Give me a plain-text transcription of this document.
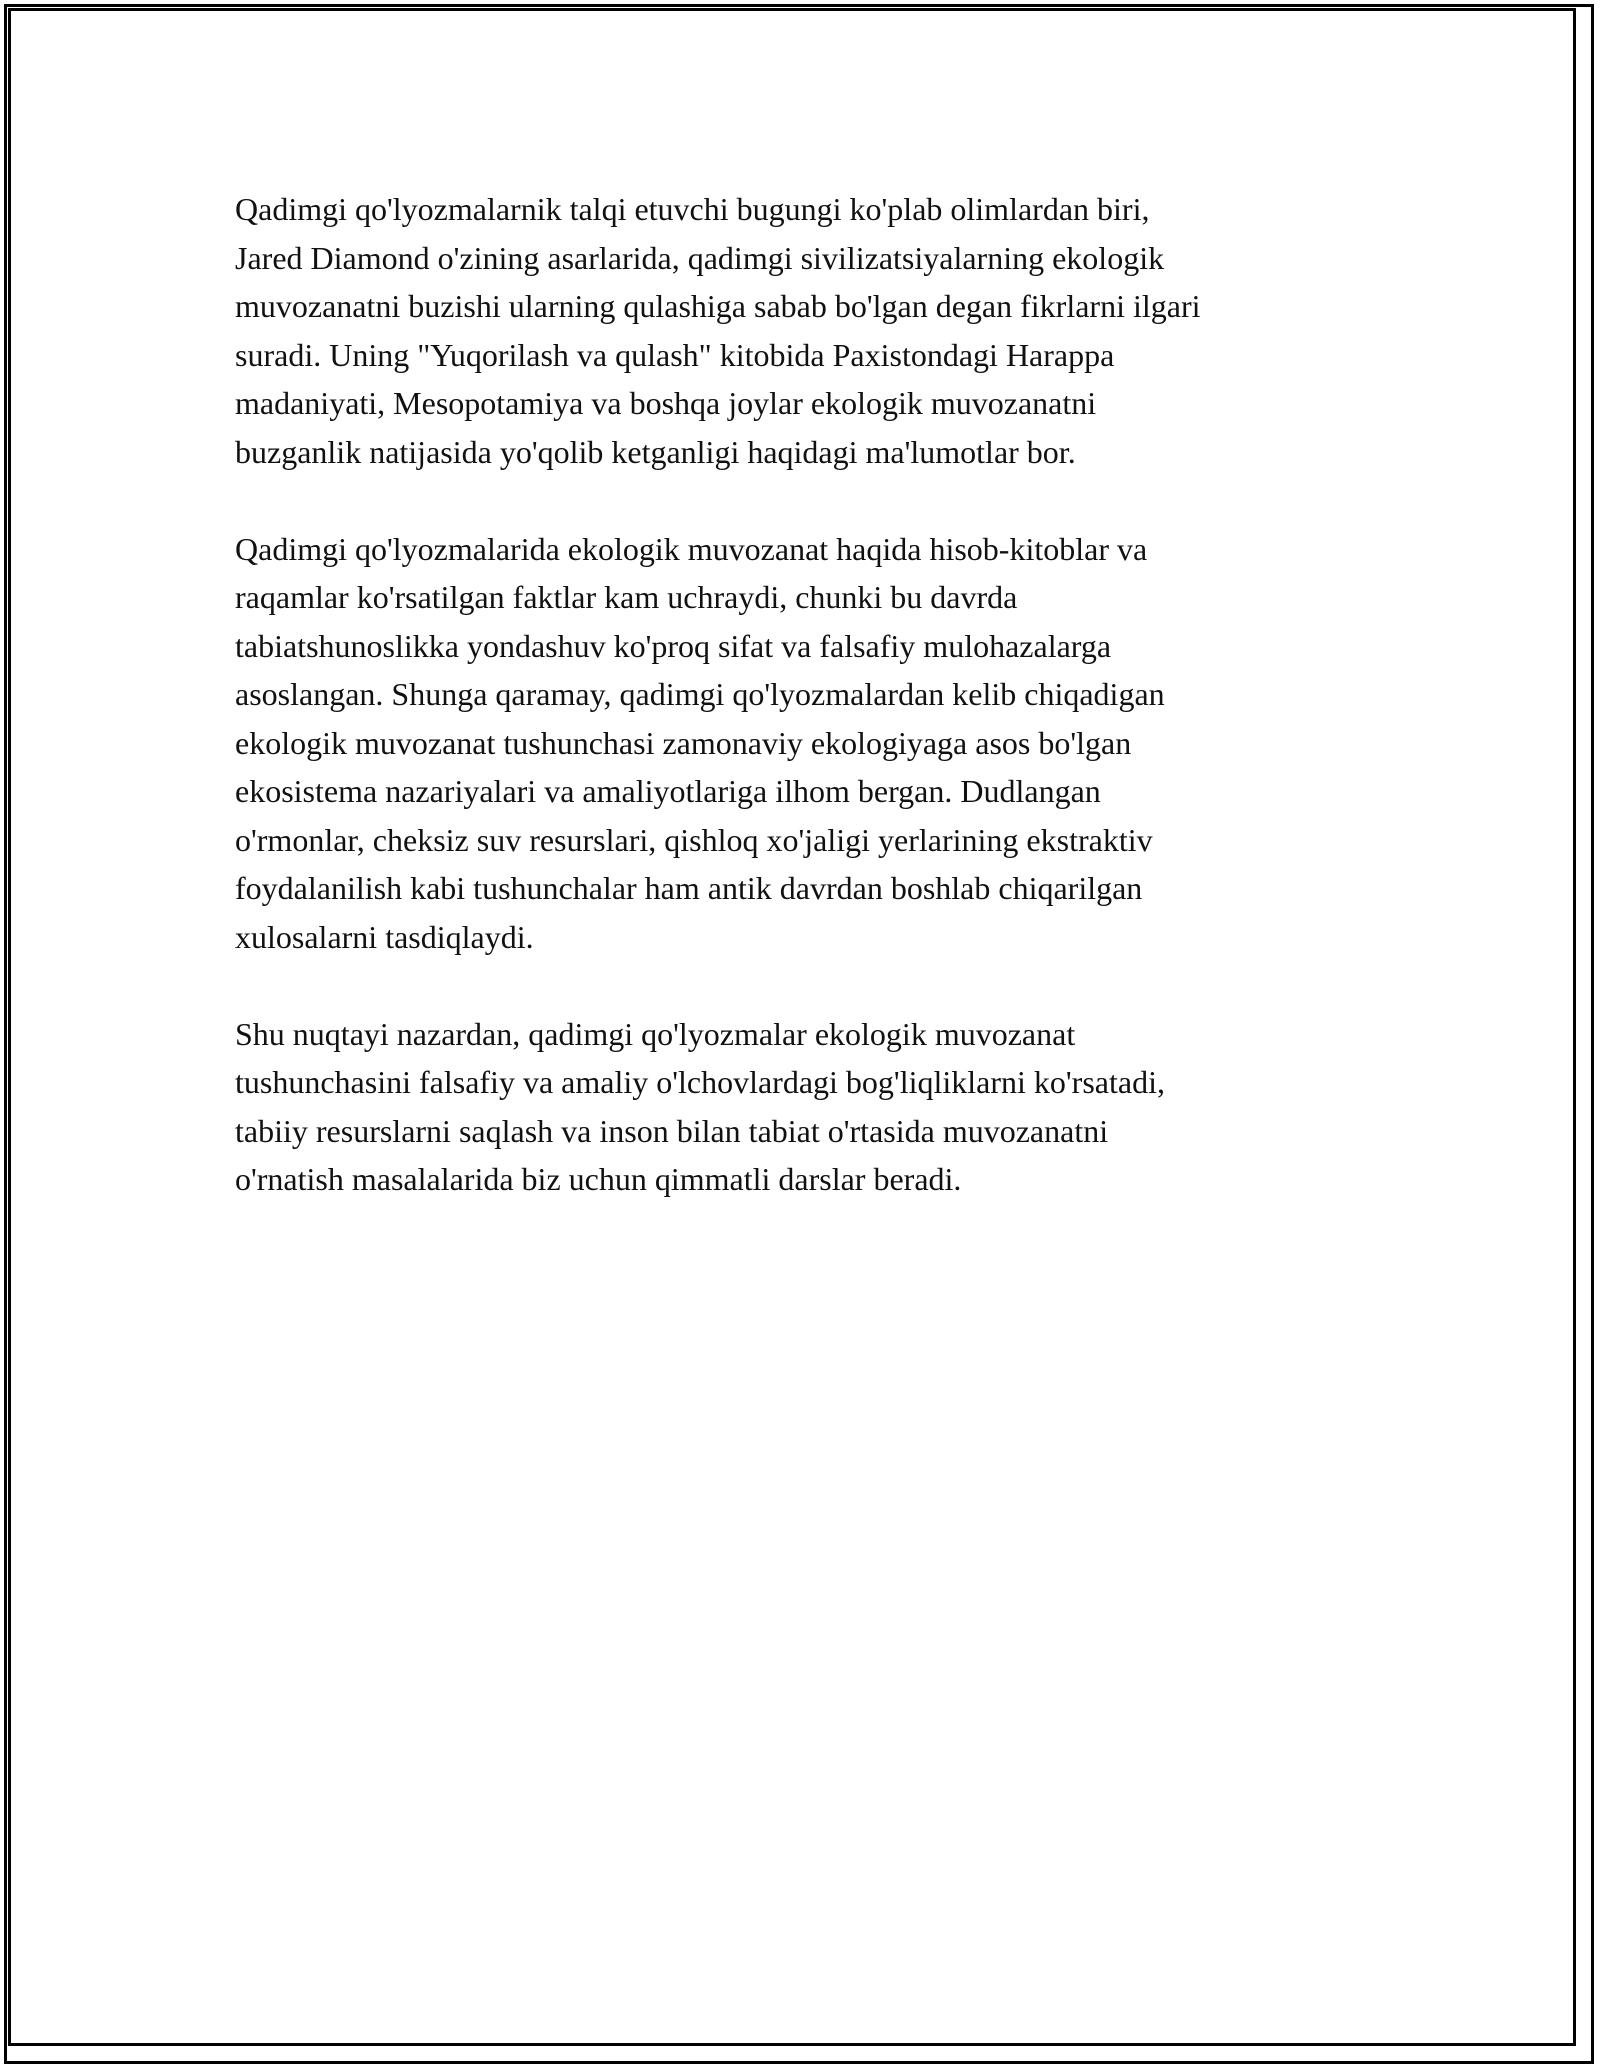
Qadimgi qo'lyozmalarnik talqi etuvchi bugungi ko'plab olimlardan biri,
Jared Diamond o'zining asarlarida, qadimgi sivilizatsiyalarning ekologik
muvozanatni buzishi ularning qulashiga sabab bo'lgan degan fikrlarni ilgari
suradi. Uning "Yuqorilash va qulash" kitobida Paxistondagi Harappa
madaniyati, Mesopotamiya va boshqa joylar ekologik muvozanatni
buzganlik natijasida yo'qolib ketganligi haqidagi ma'lumotlar bor.

Qadimgi qo'lyozmalarida ekologik muvozanat haqida hisob-kitoblar va
raqamlar ko'rsatilgan faktlar kam uchraydi, chunki bu davrda
tabiatshunoslikka yondashuv ko'proq sifat va falsafiy mulohazalarga
asoslangan. Shunga qaramay, qadimgi qo'lyozmalardan kelib chiqadigan
ekologik muvozanat tushunchasi zamonaviy ekologiyaga asos bo'lgan
ekosistema nazariyalari va amaliyotlariga ilhom bergan. Dudlangan
o'rmonlar, cheksiz suv resurslari, qishloq xo'jaligi yerlarining ekstraktiv
foydalanilish kabi tushunchalar ham antik davrdan boshlab chiqarilgan
xulosalarni tasdiqlaydi.

Shu nuqtayi nazardan, qadimgi qo'lyozmalar ekologik muvozanat
tushunchasini falsafiy va amaliy o'lchovlardagi bog'liqliklarni ko'rsatadi,
tabiiy resurslarni saqlash va inson bilan tabiat o'rtasida muvozanatni
o'rnatish masalalarida biz uchun qimmatli darslar beradi.
